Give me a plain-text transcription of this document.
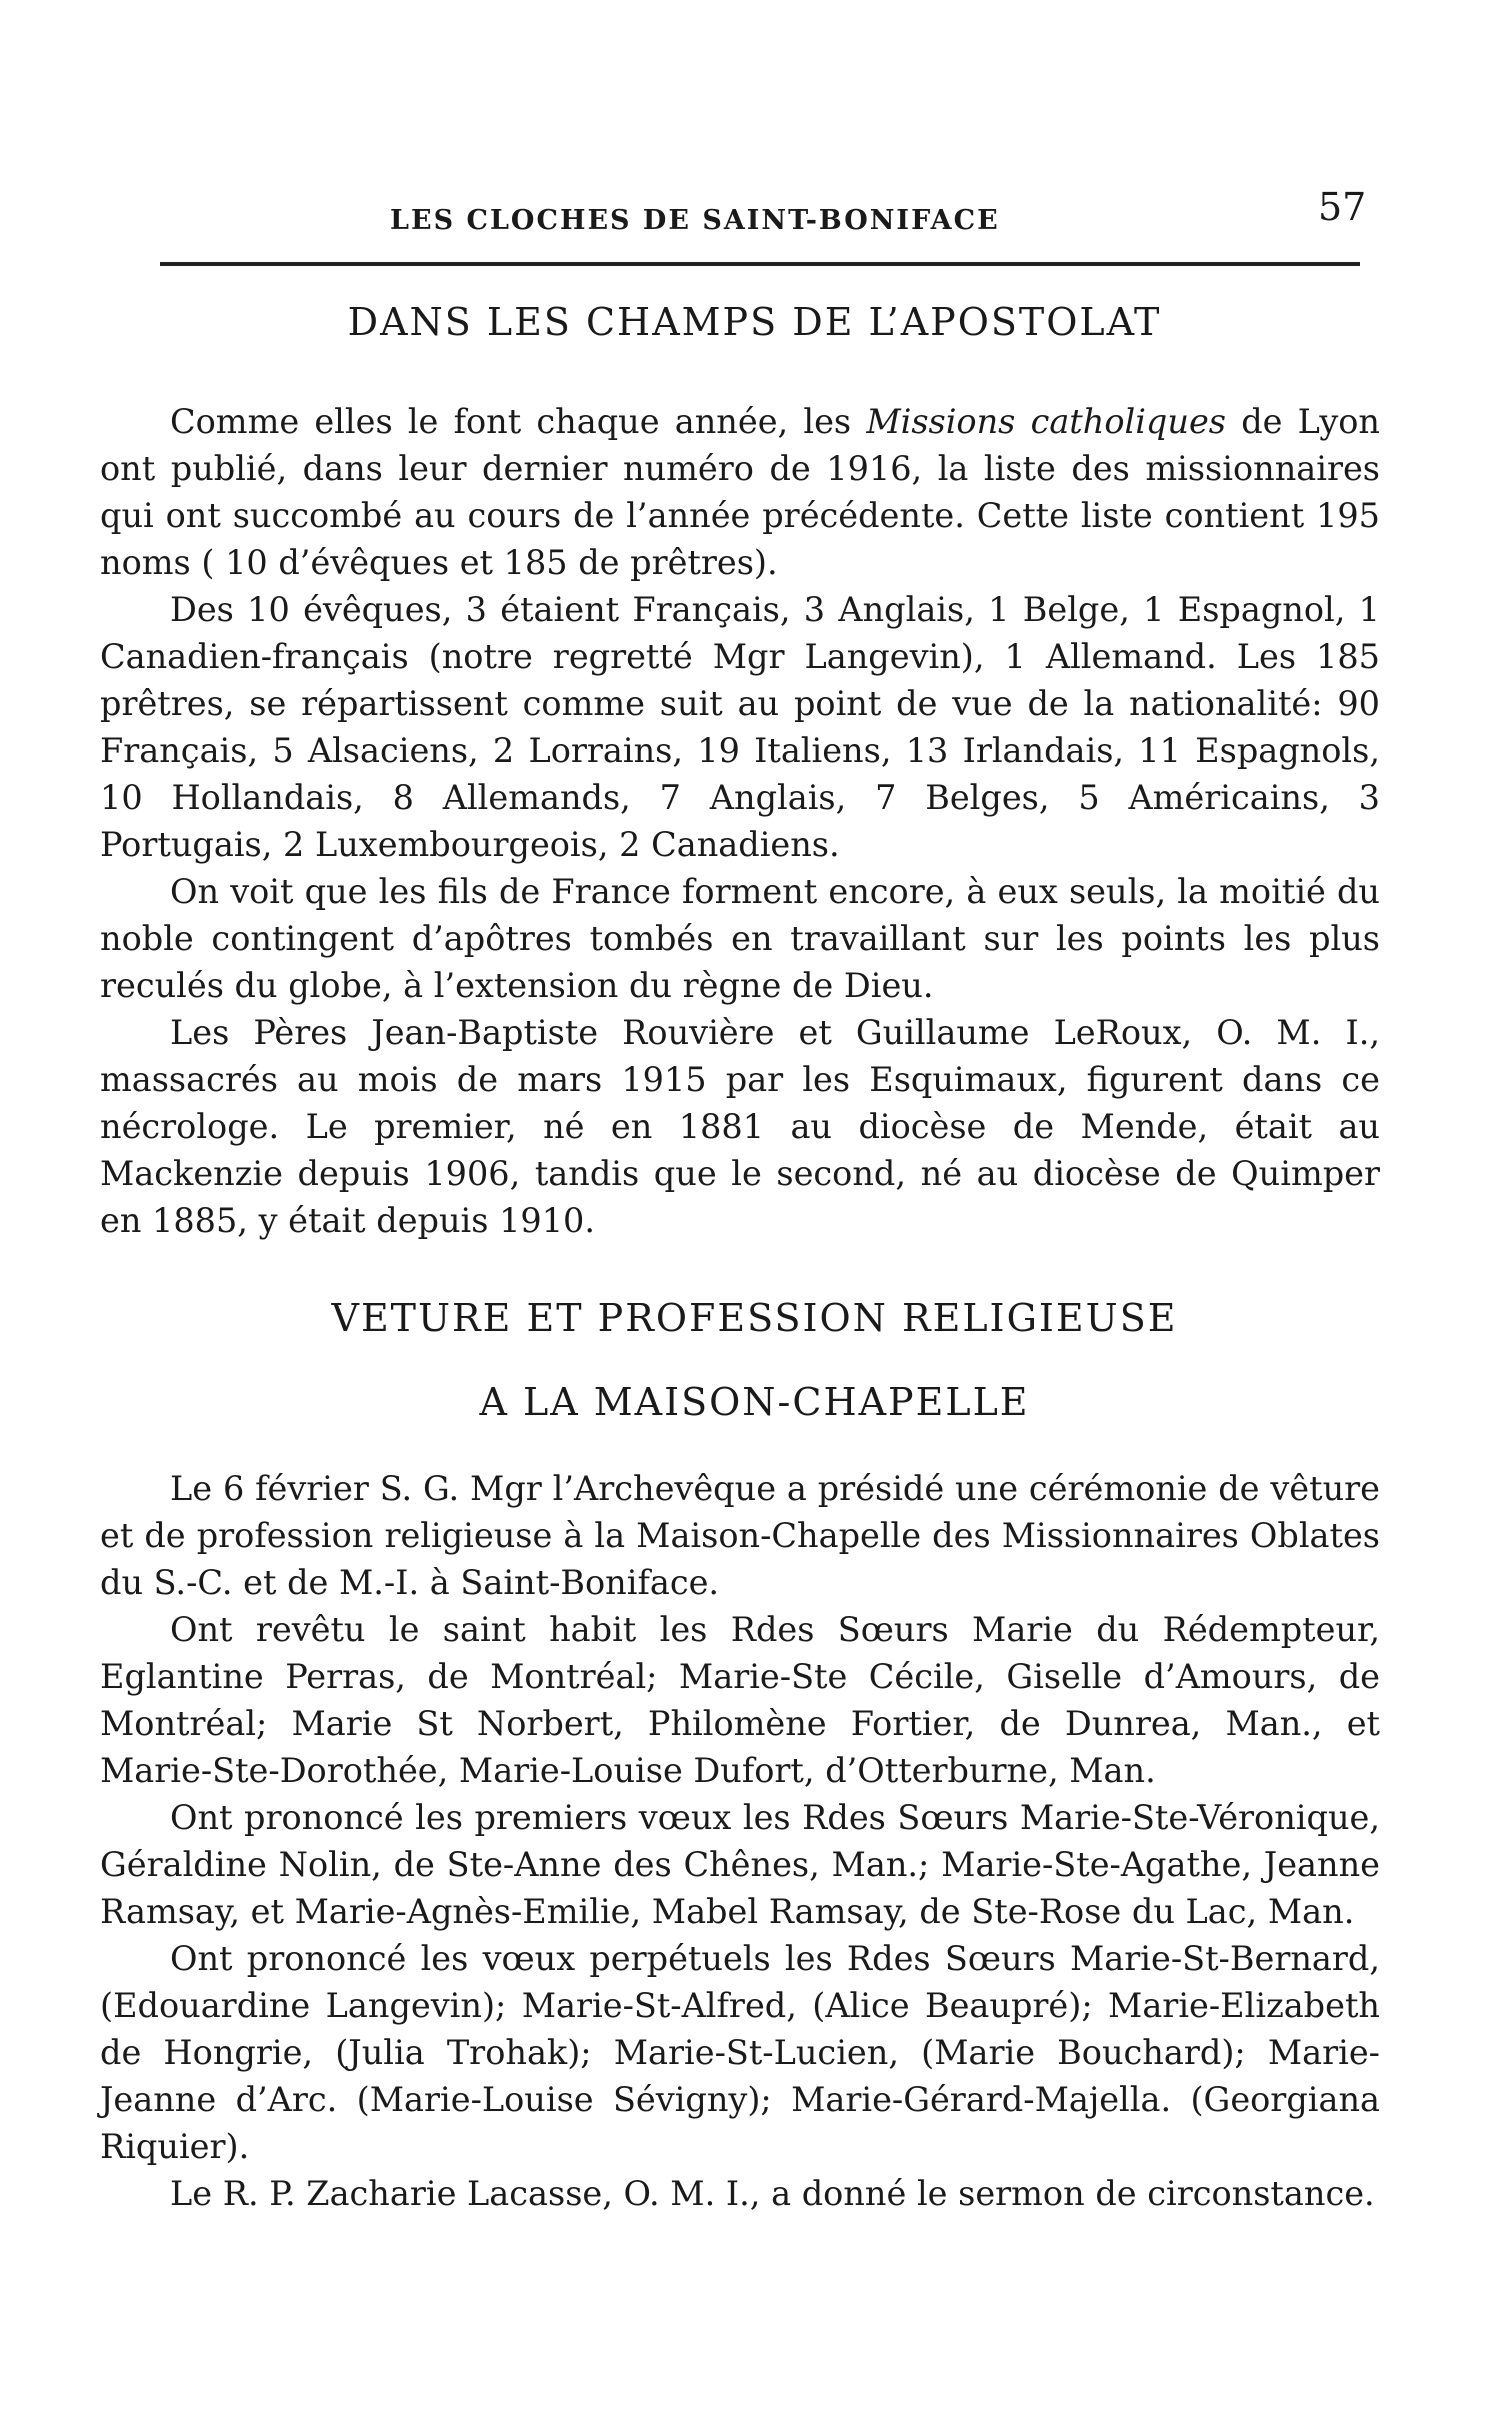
LES CLOCHES DE SAINT-BONIFACE	57
DANS LES CHAMPS DE L’APOSTOLAT

Comme elles le font chaque année, les Missions catholiques de Lyon ont publié, dans leur dernier numéro de 1916, la liste des missionnaires qui ont succombé au cours de l’année précédente. Cette liste contient 195 noms ( 10 d’évêques et 185 de prêtres).

Des 10 évêques, 3 étaient Français, 3 Anglais, 1 Belge, 1 Espagnol, 1 Canadien-français (notre regretté Mgr Langevin), 1 Allemand. Les 185 prêtres, se répartissent comme suit au point de vue de la nationalité: 90 Français, 5 Alsaciens, 2 Lorrains, 19 Italiens, 13 Irlandais, 11 Espagnols, 10 Hollandais, 8 Allemands, 7 Anglais, 7 Belges, 5 Américains, 3 Portugais, 2 Luxembourgeois, 2 Canadiens.

On voit que les fils de France forment encore, à eux seuls, la moitié du noble contingent d’apôtres tombés en travaillant sur les points les plus reculés du globe, à l’extension du règne de Dieu.

Les Pères Jean-Baptiste Rouvière et Guillaume LeRoux, O. M. I., massacrés au mois de mars 1915 par les Esquimaux, figurent dans ce nécrologe. Le premier, né en 1881 au diocèse de Mende, était au Mackenzie depuis 1906, tandis que le second, né au diocèse de Quimper en 1885, y était depuis 1910.

VETURE ET PROFESSION RELIGIEUSE
A LA MAISON-CHAPELLE

Le 6 février S. G. Mgr l’Archevêque a présidé une cérémonie de vêture et de profession religieuse à la Maison-Chapelle des Missionnaires Oblates du S.-C. et de M.-I. à Saint-Boniface.

Ont revêtu le saint habit les Rdes Sœurs Marie du Rédempteur, Eglantine Perras, de Montréal; Marie-Ste Cécile, Giselle d’Amours, de Montréal; Marie St Norbert, Philomène Fortier, de Dunrea, Man., et Marie-Ste-Dorothée, Marie-Louise Dufort, d’Otterburne, Man.

Ont prononcé les premiers vœux les Rdes Sœurs Marie-Ste-Véronique, Géraldine Nolin, de Ste-Anne des Chênes, Man.; Marie-Ste-Agathe, Jeanne Ramsay, et Marie-Agnès-Emilie, Mabel Ramsay, de Ste-Rose du Lac, Man.

Ont prononcé les vœux perpétuels les Rdes Sœurs Marie-St-Bernard, (Edouardine Langevin); Marie-St-Alfred, (Alice Beaupré); Marie-Elizabeth de Hongrie, (Julia Trohak); Marie-St-Lucien, (Marie Bouchard); Marie-Jeanne d’Arc. (Marie-Louise Sévigny); Marie-Gérard-Majella. (Georgiana Riquier).

Le R. P. Zacharie Lacasse, O. M. I., a donné le sermon de circonstance.
